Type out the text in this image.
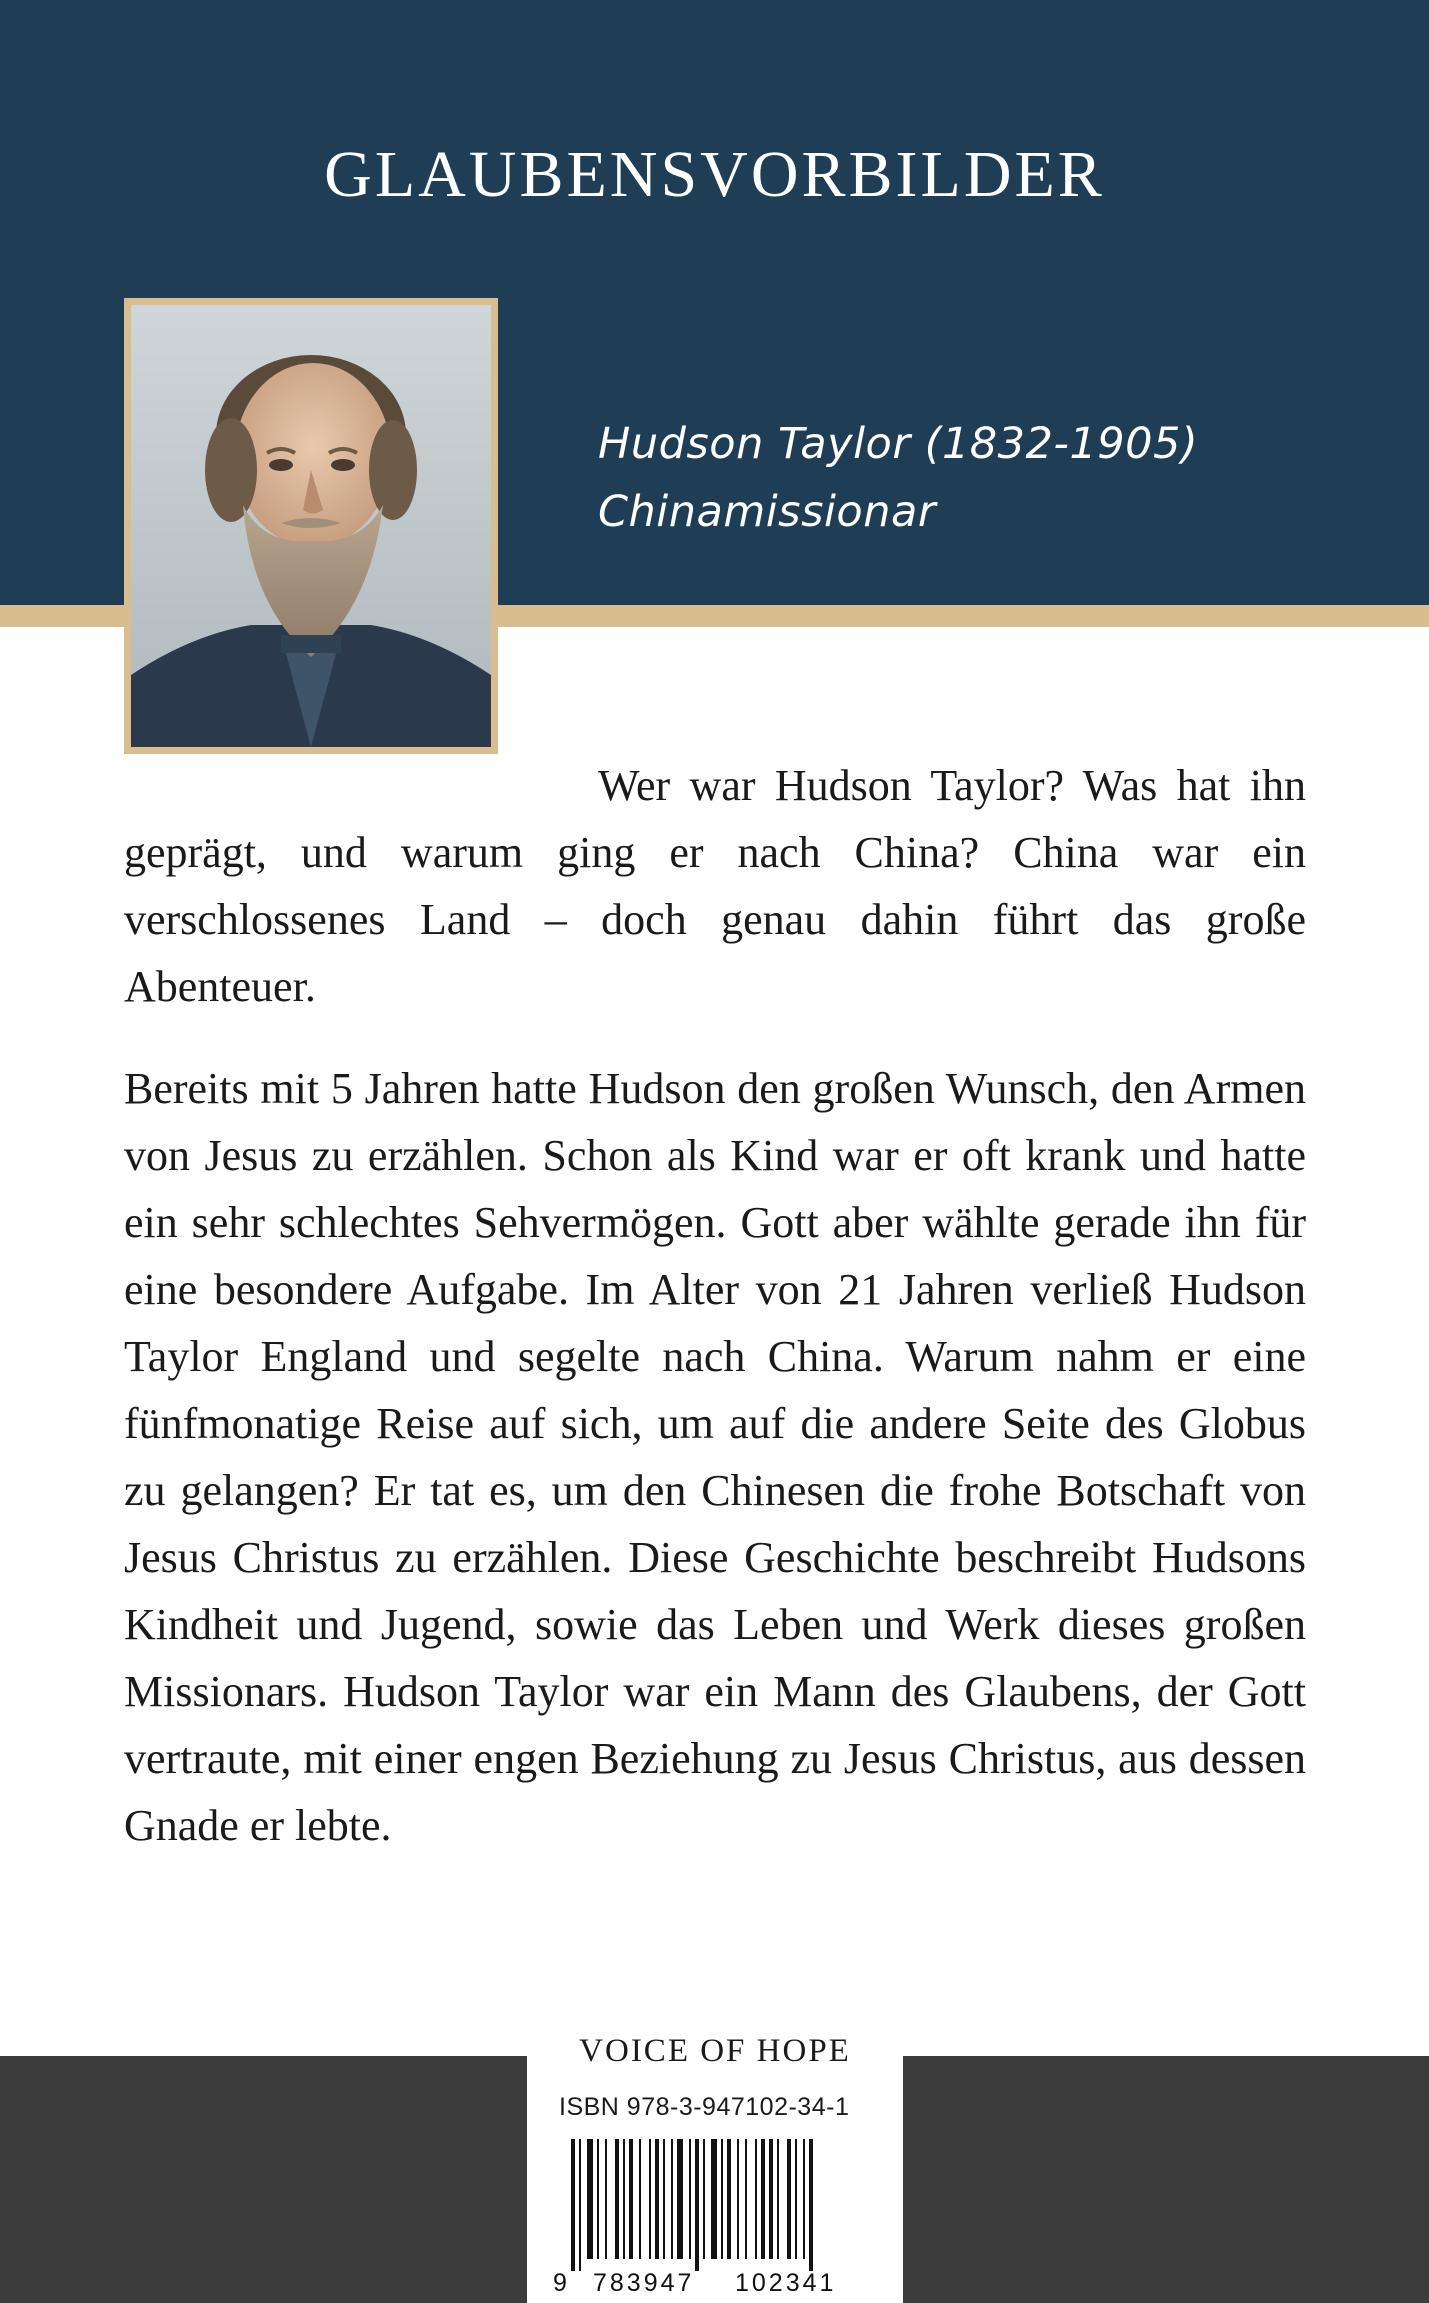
GLAUBENSVORBILDER
Hudson Taylor (1832-1905)
Chinamissionar
Wer war Hudson Taylor? Was hat ihn geprägt, und warum ging er nach China? China war ein verschlossenes Land – doch genau dahin führt das große Abenteuer.
Bereits mit 5 Jahren hatte Hudson den großen Wunsch, den Armen von Jesus zu erzählen. Schon als Kind war er oft krank und hatte ein sehr schlechtes Sehvermögen. Gott aber wählte gerade ihn für eine besondere Aufgabe. Im Alter von 21 Jahren verließ Hudson Taylor England und segelte nach China. Warum nahm er eine fünfmonatige Reise auf sich, um auf die andere Seite des Globus zu gelangen? Er tat es, um den Chinesen die frohe Botschaft von Jesus Christus zu erzählen. Diese Geschichte beschreibt Hudsons Kindheit und Jugend, sowie das Leben und Werk dieses großen Missionars. Hudson Taylor war ein Mann des Glaubens, der Gott vertraute, mit einer engen Beziehung zu Jesus Christus, aus dessen Gnade er lebte.
VOICE OF HOPE
ISBN 978-3-947102-34-1
9 783947 102341
